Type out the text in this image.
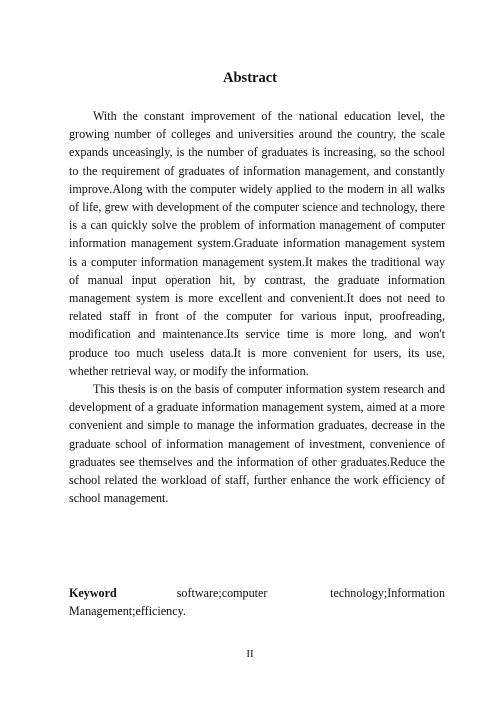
Abstract

With the constant improvement of the national education level, the growing number of colleges and universities around the country, the scale expands unceasingly, is the number of graduates is increasing, so the school to the requirement of graduates of information management, and constantly improve.Along with the computer widely applied to the modern in all walks of life, grew with development of the computer science and technology, there is a can quickly solve the problem of information management of computer information management system.Graduate information management system is a computer information management system.It makes the traditional way of manual input operation hit, by contrast, the graduate information management system is more excellent and convenient.It does not need to related staff in front of the computer for various input, proofreading, modification and maintenance.Its service time is more long, and won't produce too much useless data.It is more convenient for users, its use, whether retrieval way, or modify the information.

This thesis is on the basis of computer information system research and development of a graduate information management system, aimed at a more convenient and simple to manage the information graduates, decrease in the graduate school of information management of investment, convenience of graduates see themselves and the information of other graduates.Reduce the school related the workload of staff, further enhance the work efficiency of school management.

Keyword	software;computer technology;Information Management;efficiency.
II
